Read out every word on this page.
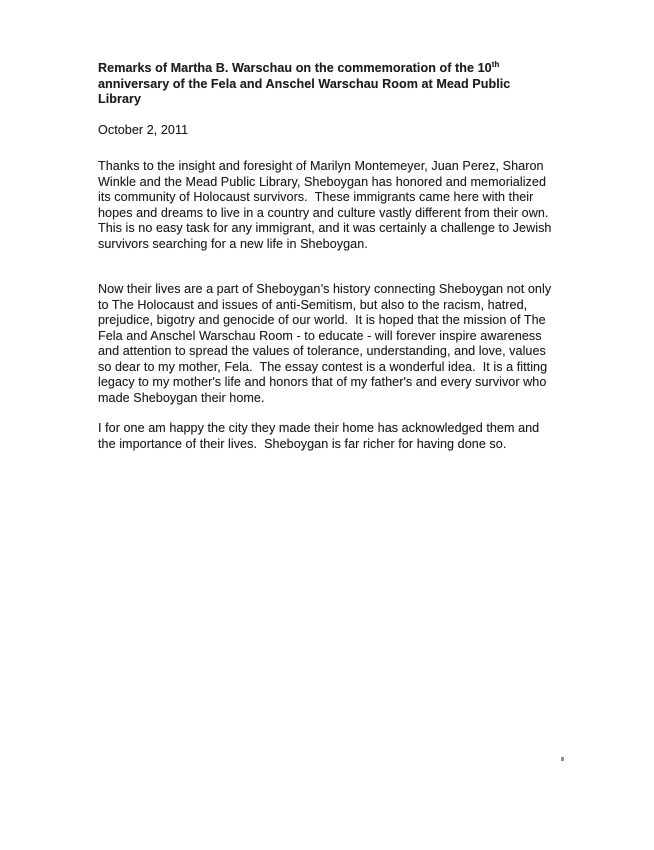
Remarks of Martha B. Warschau on the commemoration of the 10th
anniversary of the Fela and Anschel Warschau Room at Mead Public
Library
October 2, 2011
Thanks to the insight and foresight of Marilyn Montemeyer, Juan Perez, Sharon
Winkle and the Mead Public Library, Sheboygan has honored and memorialized
its community of Holocaust survivors.  These immigrants came here with their
hopes and dreams to live in a country and culture vastly different from their own.
This is no easy task for any immigrant, and it was certainly a challenge to Jewish
survivors searching for a new life in Sheboygan.
Now their lives are a part of Sheboygan’s history connecting Sheboygan not only
to The Holocaust and issues of anti-Semitism, but also to the racism, hatred,
prejudice, bigotry and genocide of our world.  It is hoped that the mission of The
Fela and Anschel Warschau Room - to educate - will forever inspire awareness
and attention to spread the values of tolerance, understanding, and love, values
so dear to my mother, Fela.  The essay contest is a wonderful idea.  It is a fitting
legacy to my mother's life and honors that of my father's and every survivor who
made Sheboygan their home.
I for one am happy the city they made their home has acknowledged them and
the importance of their lives.  Sheboygan is far richer for having done so.
